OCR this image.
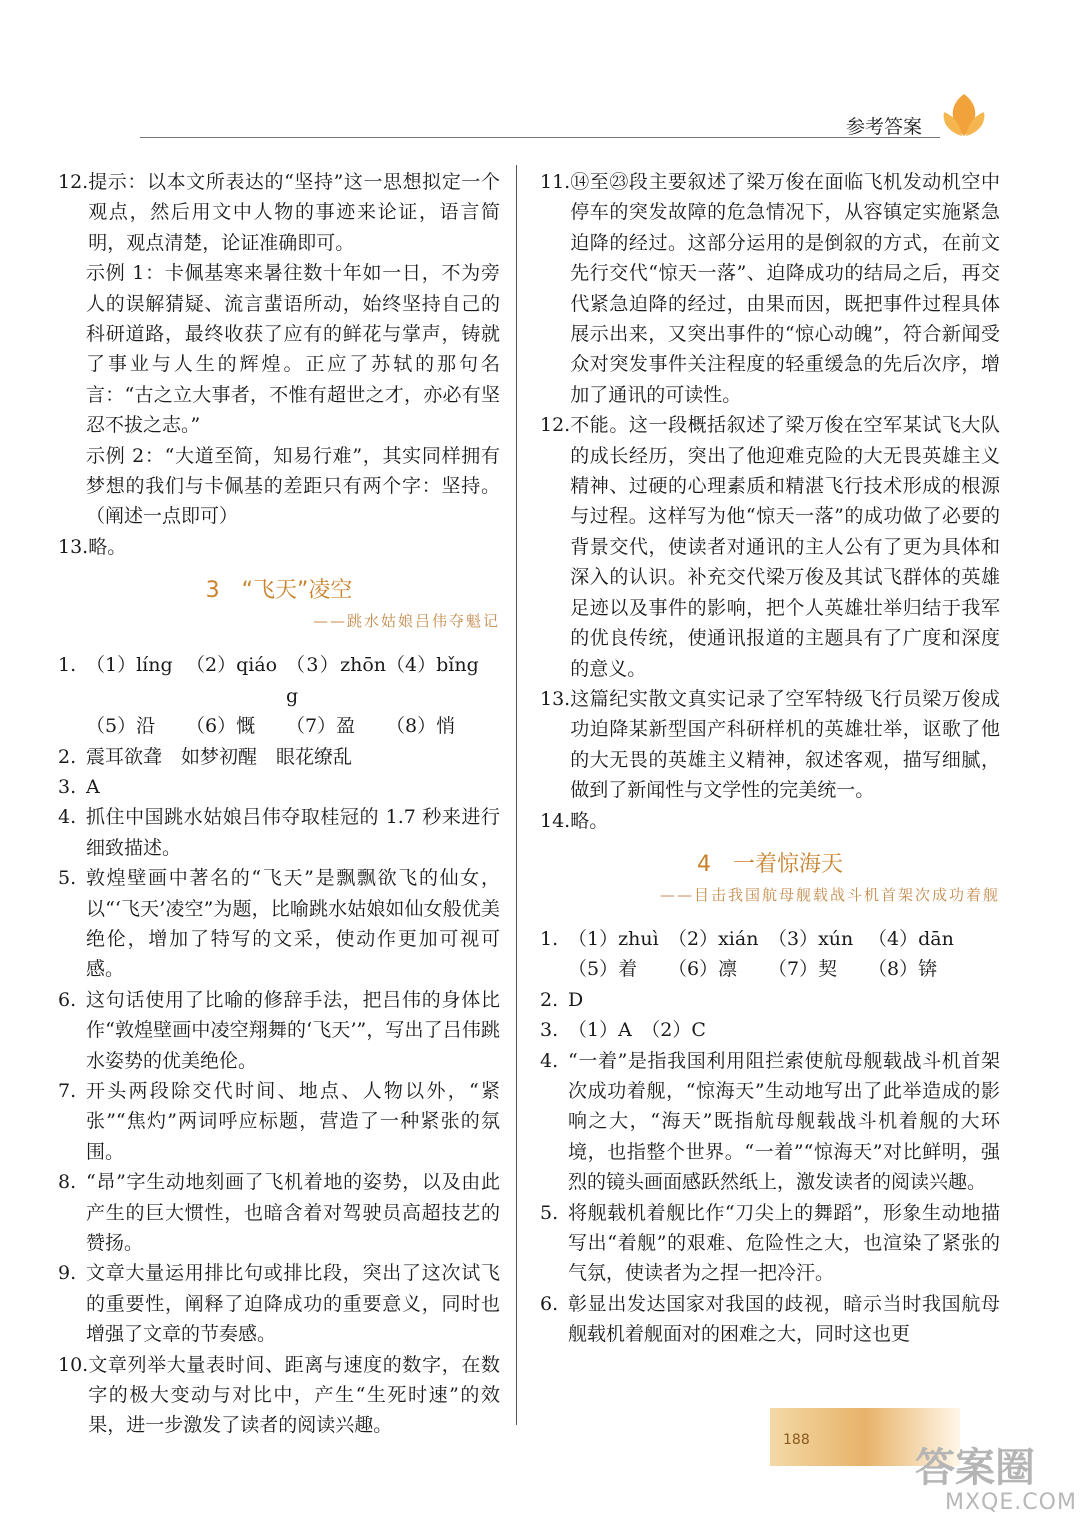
参考答案
12. 提示：以本文所表达的“坚持”这一思想拟定一个观点，然后用文中人物的事迹来论证，语言简明，观点清楚，论证准确即可。
示例 1：卡佩基寒来暑往数十年如一日，不为旁人的误解猜疑、流言蜚语所动，始终坚持自己的科研道路，最终收获了应有的鲜花与掌声，铸就了事业与人生的辉煌。正应了苏轼的那句名言：“古之立大事者，不惟有超世之才，亦必有坚忍不拔之志。”
示例 2：“大道至简，知易行难”，其实同样拥有梦想的我们与卡佩基的差距只有两个字：坚持。（阐述一点即可）
13. 略。
3　“飞天”凌空
——跳水姑娘吕伟夺魁记
1. （1）líng （2）qiáo （3）zhōng
（4）bǐng
（5）沿	（6）慨	（7）盈	（8）悄
2. 震耳欲聋　如梦初醒　眼花缭乱
3. A
4. 抓住中国跳水姑娘吕伟夺取桂冠的 1.7 秒来进行细致描述。
5. 敦煌壁画中著名的“飞天”是飘飘欲飞的仙女，以“‘飞天’凌空”为题，比喻跳水姑娘如仙女般优美绝伦，增加了特写的文采，使动作更加可视可感。
6. 这句话使用了比喻的修辞手法，把吕伟的身体比作“敦煌壁画中凌空翔舞的‘飞天’”，写出了吕伟跳水姿势的优美绝伦。
7. 开头两段除交代时间、地点、人物以外，“紧张”“焦灼”两词呼应标题，营造了一种紧张的氛围。
8. “昂”字生动地刻画了飞机着地的姿势，以及由此产生的巨大惯性，也暗含着对驾驶员高超技艺的赞扬。
9. 文章大量运用排比句或排比段，突出了这次试飞的重要性，阐释了迫降成功的重要意义，同时也增强了文章的节奏感。
10. 文章列举大量表时间、距离与速度的数字，在数字的极大变动与对比中，产生“生死时速”的效果，进一步激发了读者的阅读兴趣。
11. ⑭至㉓段主要叙述了梁万俊在面临飞机发动机空中停车的突发故障的危急情况下，从容镇定实施紧急迫降的经过。这部分运用的是倒叙的方式，在前文先行交代“惊天一落”、迫降成功的结局之后，再交代紧急迫降的经过，由果而因，既把事件过程具体展示出来，又突出事件的“惊心动魄”，符合新闻受众对突发事件关注程度的轻重缓急的先后次序，增加了通讯的可读性。
12. 不能。这一段概括叙述了梁万俊在空军某试飞大队的成长经历，突出了他迎难克险的大无畏英雄主义精神、过硬的心理素质和精湛飞行技术形成的根源与过程。这样写为他“惊天一落”的成功做了必要的背景交代，使读者对通讯的主人公有了更为具体和深入的认识。补充交代梁万俊及其试飞群体的英雄足迹以及事件的影响，把个人英雄壮举归结于我军的优良传统，使通讯报道的主题具有了广度和深度的意义。
13. 这篇纪实散文真实记录了空军特级飞行员梁万俊成功迫降某新型国产科研样机的英雄壮举，讴歌了他的大无畏的英雄主义精神，叙述客观，描写细腻，做到了新闻性与文学性的完美统一。
14. 略。
4　一着惊海天
——目击我国航母舰载战斗机首架次成功着舰
1. （1）zhuì （2）xián （3）xún （4）dān
（5）着	（6）凛	（7）契	（8）锛
2. D
3. （1）A　（2）C
4. “一着”是指我国利用阻拦索使航母舰载战斗机首架次成功着舰，“惊海天”生动地写出了此举造成的影响之大，“海天”既指航母舰载战斗机着舰的大环境，也指整个世界。“一着”“惊海天”对比鲜明，强烈的镜头画面感跃然纸上，激发读者的阅读兴趣。
5. 将舰载机着舰比作“刀尖上的舞蹈”，形象生动地描写出“着舰”的艰难、危险性之大，也渲染了紧张的气氛，使读者为之捏一把冷汗。
6. 彰显出发达国家对我国的歧视，暗示当时我国航母舰载机着舰面对的困难之大，同时这也更
188
答案圈
MXQE.COM
